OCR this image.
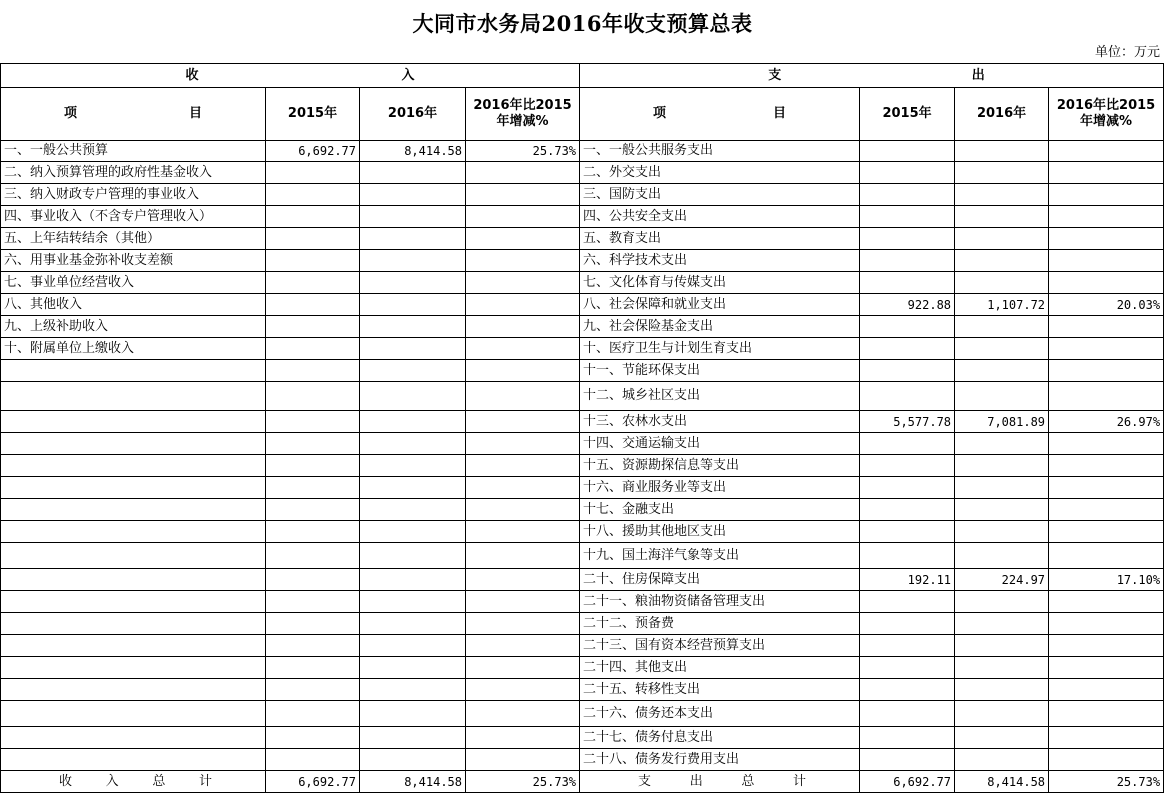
大同市水务局2016年收支预算总表
单位：万元
收 入				支 出			

项 目	2015年	2016年	2016年比2015年增减%	项 目	2015年	2016年	2016年比2015年增减%
一、一般公共预算	6,692.77	8,414.58	25.73%	一、一般公共服务支出			
二、纳入预算管理的政府性基金收入				二、外交支出			
三、纳入财政专户管理的事业收入				三、国防支出			
四、事业收入（不含专户管理收入）				四、公共安全支出			
五、上年结转结余（其他）				五、教育支出			
六、用事业基金弥补收支差额				六、科学技术支出			
七、事业单位经营收入				七、文化体育与传媒支出			
八、其他收入				八、社会保障和就业支出	922.88	1,107.72	20.03%
九、上级补助收入				九、社会保险基金支出			
十、附属单位上缴收入				十、医疗卫生与计划生育支出			
				十一、节能环保支出			
				十二、城乡社区支出			
				十三、农林水支出	5,577.78	7,081.89	26.97%
				十四、交通运输支出			
				十五、资源勘探信息等支出			
				十六、商业服务业等支出			
				十七、金融支出			
				十八、援助其他地区支出			
				十九、国土海洋气象等支出			
				二十、住房保障支出	192.11	224.97	17.10%
				二十一、粮油物资储备管理支出			
				二十二、预备费			
				二十三、国有资本经营预算支出			
				二十四、其他支出			
				二十五、转移性支出			
				二十六、债务还本支出			
				二十七、债务付息支出			
				二十八、债务发行费用支出			

收 入 总 计	6,692.77	8,414.58	25.73%	支 出 总 计	6,692.77	8,414.58	25.73%
